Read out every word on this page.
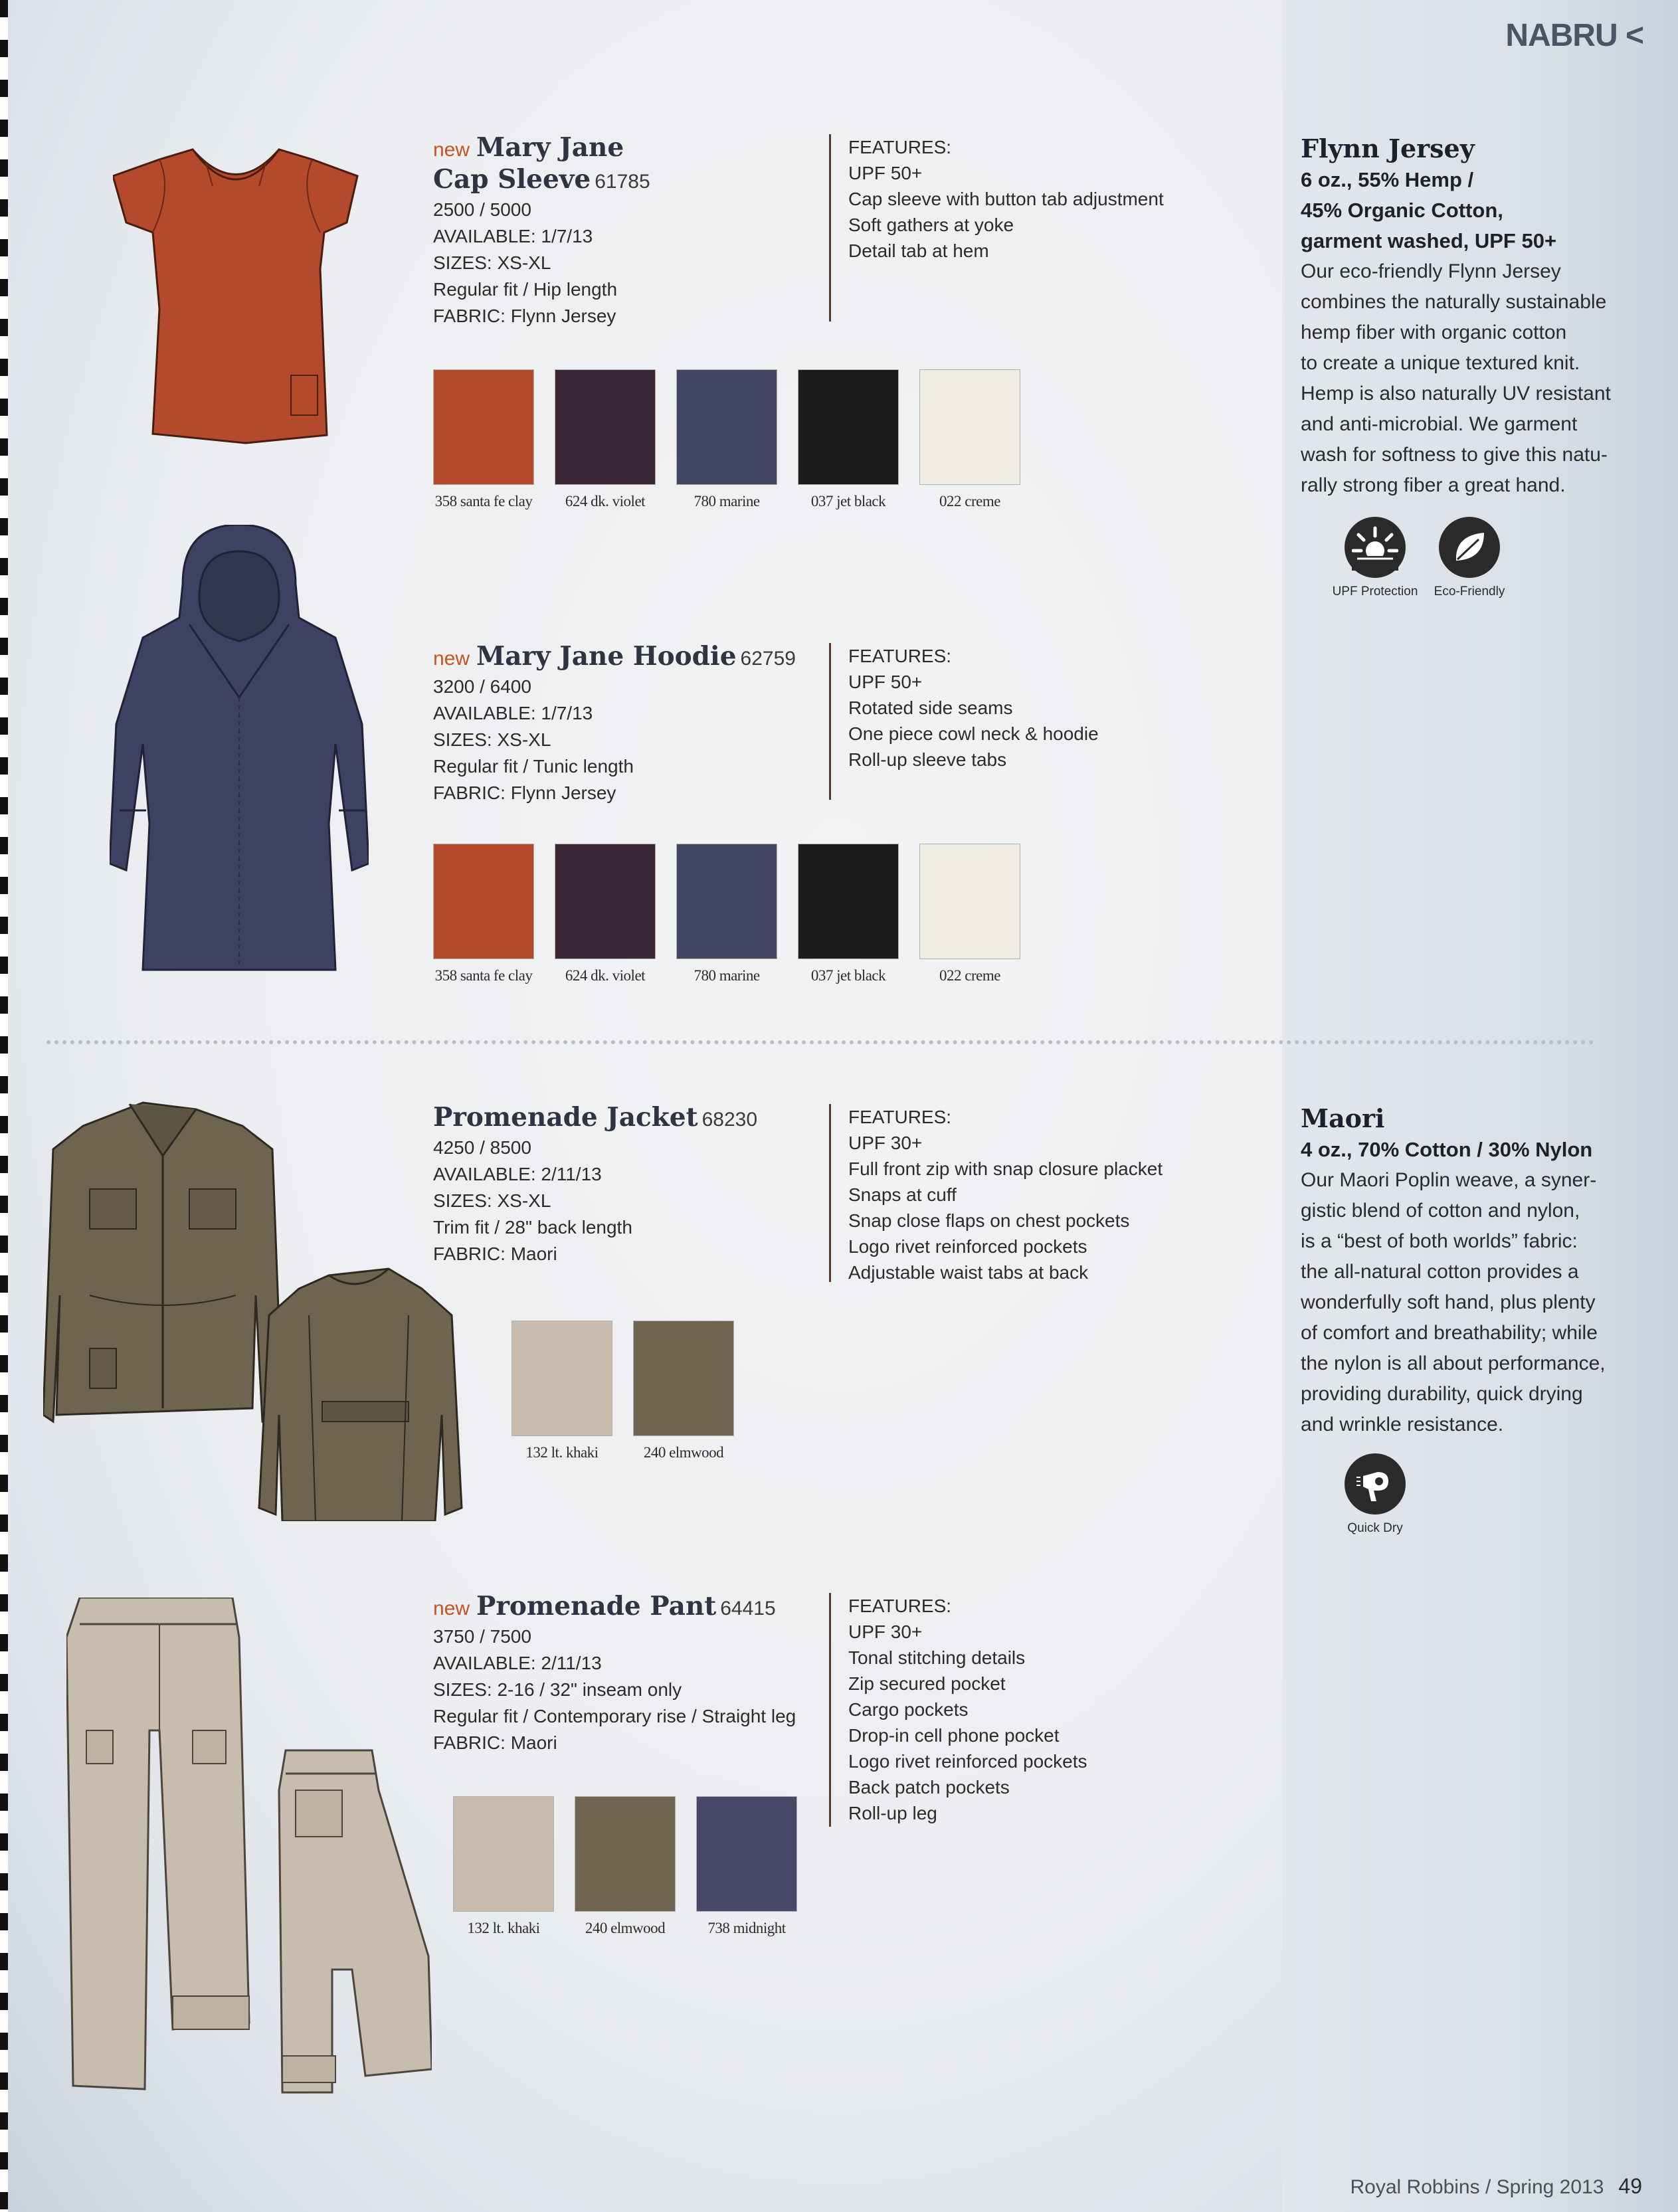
NABRU <
new Mary Jane
Cap Sleeve 61785
2500 / 5000
AVAILABLE: 1/7/13
SIZES: XS-XL
Regular fit / Hip length
FABRIC: Flynn Jersey
FEATURES:
UPF 50+
Cap sleeve with button tab adjustment
Soft gathers at yoke
Detail tab at hem
358 santa fe clay	624 dk. violet	780 marine	037 jet black	022 creme
new Mary Jane Hoodie 62759
3200 / 6400
AVAILABLE: 1/7/13
SIZES: XS-XL
Regular fit / Tunic length
FABRIC: Flynn Jersey
FEATURES:
UPF 50+
Rotated side seams
One piece cowl neck & hoodie
Roll-up sleeve tabs
358 santa fe clay	624 dk. violet	780 marine	037 jet black	022 creme
Promenade Jacket 68230
4250 / 8500
AVAILABLE: 2/11/13
SIZES: XS-XL
Trim fit / 28" back length
FABRIC: Maori
FEATURES:
UPF 30+
Full front zip with snap closure placket
Snaps at cuff
Snap close flaps on chest pockets
Logo rivet reinforced pockets
Adjustable waist tabs at back
132 lt. khaki	240 elmwood
new Promenade Pant 64415
3750 / 7500
AVAILABLE: 2/11/13
SIZES: 2-16 / 32" inseam only
Regular fit / Contemporary rise / Straight leg
FABRIC: Maori
FEATURES:
UPF 30+
Tonal stitching details
Zip secured pocket
Cargo pockets
Drop-in cell phone pocket
Logo rivet reinforced pockets
Back patch pockets
Roll-up leg
132 lt. khaki	240 elmwood	738 midnight
Flynn Jersey
6 oz., 55% Hemp /
45% Organic Cotton,
garment washed, UPF 50+
Our eco-friendly Flynn Jersey
combines the naturally sustainable
hemp fiber with organic cotton
to create a unique textured knit.
Hemp is also naturally UV resistant
and anti-microbial. We garment
wash for softness to give this natu-
rally strong fiber a great hand.
UPF Protection	Eco-Friendly
Maori
4 oz., 70% Cotton / 30% Nylon
Our Maori Poplin weave, a syner-
gistic blend of cotton and nylon,
is a “best of both worlds” fabric:
the all-natural cotton provides a
wonderfully soft hand, plus plenty
of comfort and breathability; while
the nylon is all about performance,
providing durability, quick drying
and wrinkle resistance.
Quick Dry
Royal Robbins / Spring 2013 49
